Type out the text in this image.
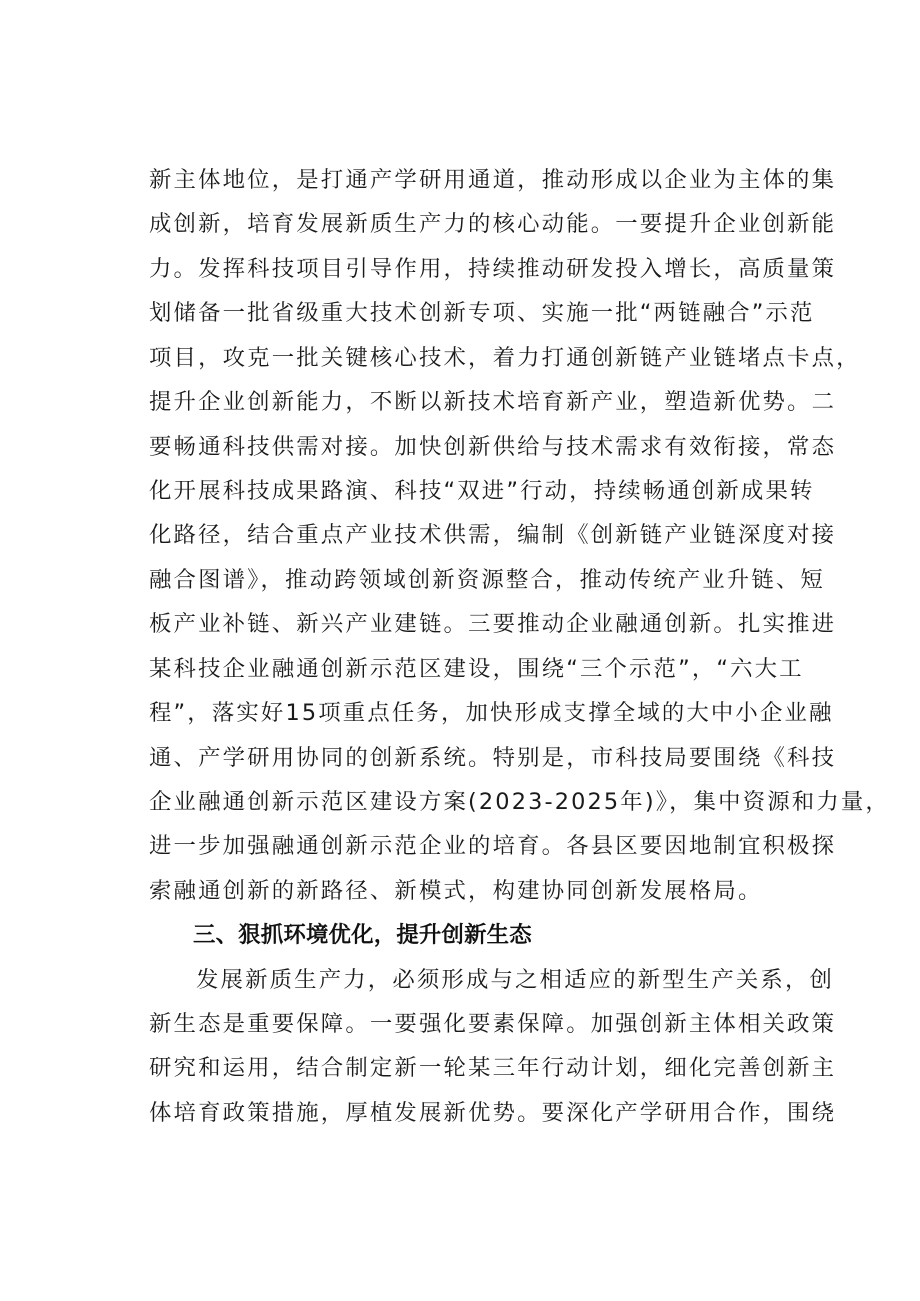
新主体地位，是打通产学研用通道，推动形成以企业为主体的集

成创新，培育发展新质生产力的核心动能。一要提升企业创新能

力。发挥科技项目引导作用，持续推动研发投入增长，高质量策

划储备一批省级重大技术创新专项、实施一批“两链融合”示范

项目，攻克一批关键核心技术，着力打通创新链产业链堵点卡点，

提升企业创新能力，不断以新技术培育新产业，塑造新优势。二

要畅通科技供需对接。加快创新供给与技术需求有效衔接，常态

化开展科技成果路演、科技“双进”行动，持续畅通创新成果转

化路径，结合重点产业技术供需，编制《创新链产业链深度对接

融合图谱》，推动跨领域创新资源整合，推动传统产业升链、短

板产业补链、新兴产业建链。三要推动企业融通创新。扎实推进

某科技企业融通创新示范区建设，围绕“三个示范”，“六大工

程”，落实好15项重点任务，加快形成支撑全域的大中小企业融

通、产学研用协同的创新系统。特别是，市科技局要围绕《科技

企业融通创新示范区建设方案(2023-2025年)》，集中资源和力量，

进一步加强融通创新示范企业的培育。各县区要因地制宜积极探

索融通创新的新路径、新模式，构建协同创新发展格局。

三、狠抓环境优化，提升创新生态

发展新质生产力，必须形成与之相适应的新型生产关系，创

新生态是重要保障。一要强化要素保障。加强创新主体相关政策

研究和运用，结合制定新一轮某三年行动计划，细化完善创新主

体培育政策措施，厚植发展新优势。要深化产学研用合作，围绕
